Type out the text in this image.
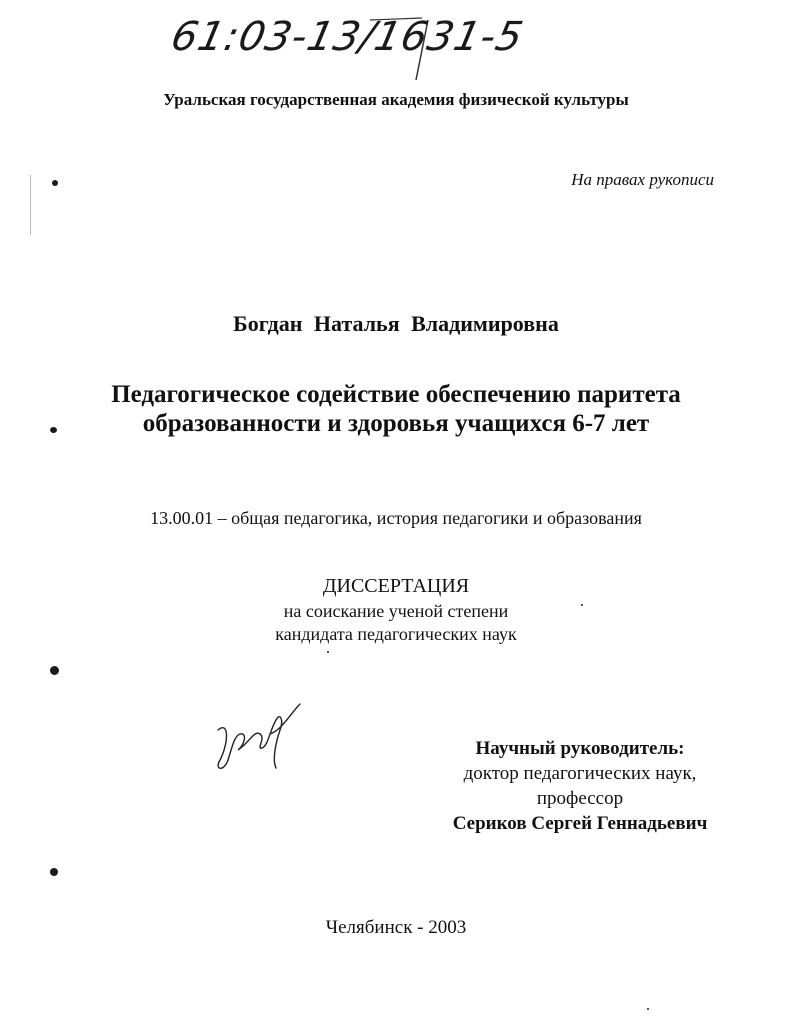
61:03-13/1631-5
Уральская государственная академия физической культуры
На правах рукописи
Богдан Наталья Владимировна
Педагогическое содействие обеспечению паритета
образованности и здоровья учащихся 6-7 лет
13.00.01 – общая педагогика, история педагогики и образования
ДИССЕРТАЦИЯ
на соискание ученой степени
кандидата педагогических наук
Научный руководитель:
доктор педагогических наук,
профессор
Сериков Сергей Геннадьевич
Челябинск - 2003
